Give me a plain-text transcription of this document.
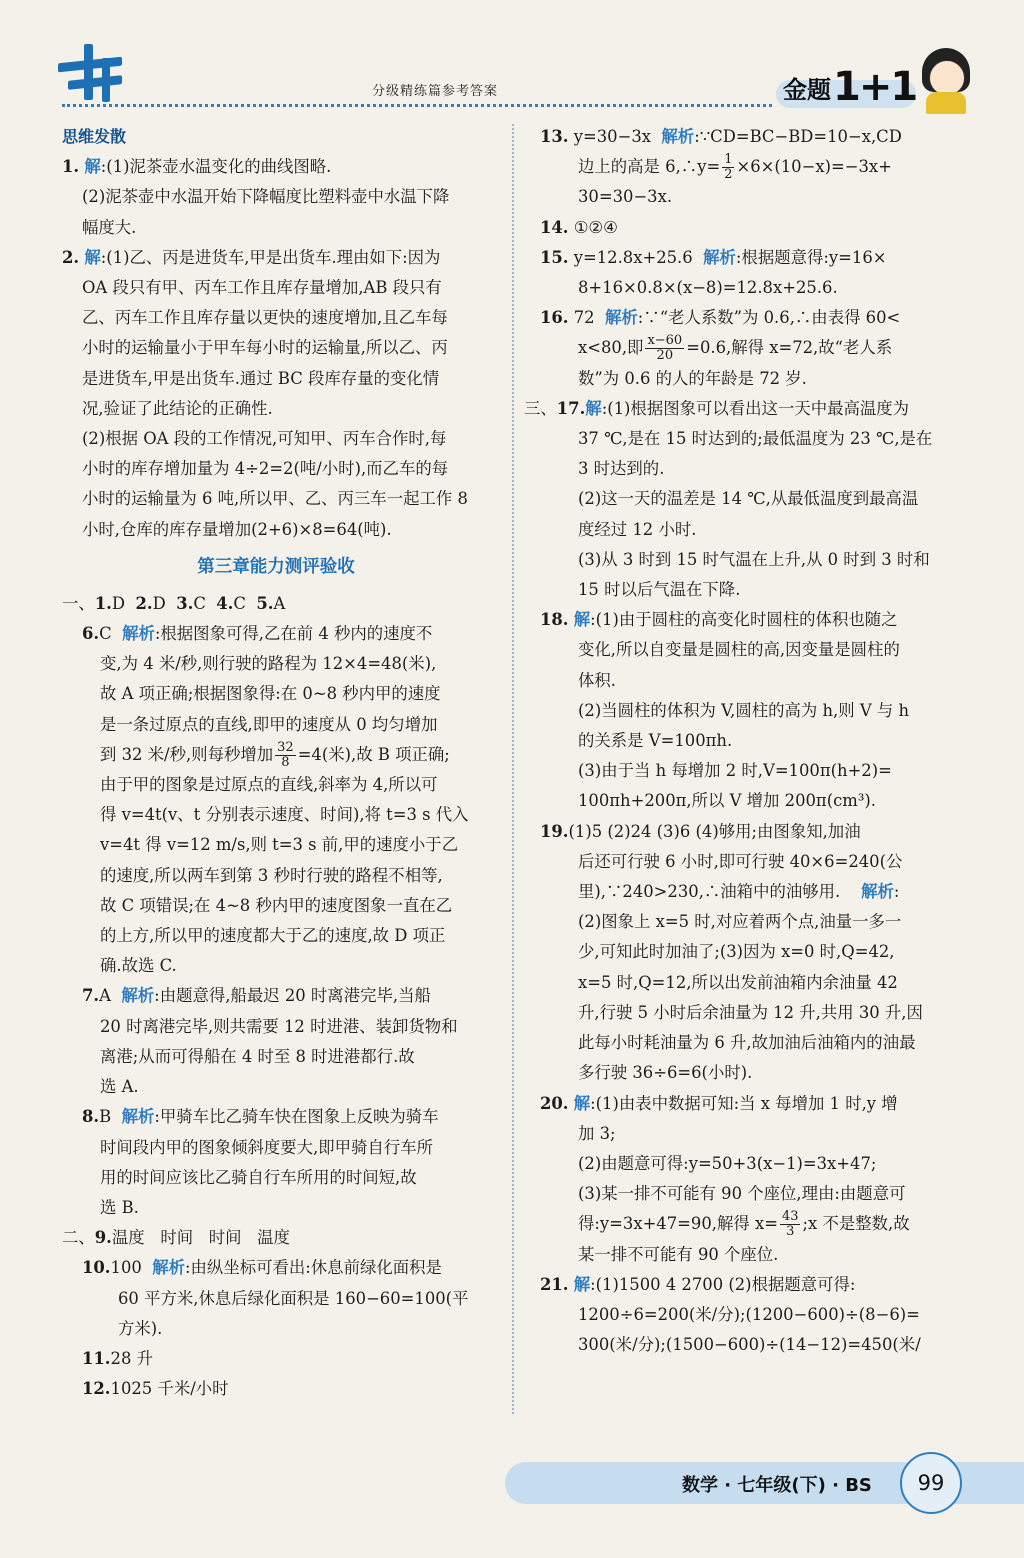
分级精练篇参考答案	金题 1+1
思维发散
1. 解:(1)泥茶壶水温变化的曲线图略.
(2)泥茶壶中水温开始下降幅度比塑料壶中水温下降
幅度大.
2. 解:(1)乙、丙是进货车,甲是出货车.理由如下:因为
OA 段只有甲、丙车工作且库存量增加,AB 段只有
乙、丙车工作且库存量以更快的速度增加,且乙车每
小时的运输量小于甲车每小时的运输量,所以乙、丙
是进货车,甲是出货车.通过 BC 段库存量的变化情
况,验证了此结论的正确性.
(2)根据 OA 段的工作情况,可知甲、丙车合作时,每
小时的库存增加量为 4÷2=2(吨/小时),而乙车的每
小时的运输量为 6 吨,所以甲、乙、丙三车一起工作 8
小时,仓库的库存量增加(2+6)×8=64(吨).
第三章能力测评验收
一、1.D 2.D 3.C 4.C 5.A
6.C 解析:根据图象可得,乙在前 4 秒内的速度不
变,为 4 米/秒,则行驶的路程为 12×4=48(米),
故 A 项正确;根据图象得:在 0~8 秒内甲的速度
是一条过原点的直线,即甲的速度从 0 均匀增加
到 32 米/秒,则每秒增加 $\frac{32}{8} =4$(米),故 B 项正确;
由于甲的图象是过原点的直线,斜率为 4,所以可
得 v=4t(v、t 分别表示速度、时间),将 t=3 s 代入
v=4t 得 v=12 m/s,则 t=3 s 前,甲的速度小于乙
的速度,所以两车到第 3 秒时行驶的路程不相等,
故 C 项错误;在 4~8 秒内甲的速度图象一直在乙
的上方,所以甲的速度都大于乙的速度,故 D 项正
确.故选 C.
7.A 解析:由题意得,船最迟 20 时离港完毕,当船
20 时离港完毕,则共需要 12 时进港、装卸货物和
离港;从而可得船在 4 时至 8 时进港都行.故
选 A.
8.B 解析:甲骑车比乙骑车快在图象上反映为骑车
时间段内甲的图象倾斜度要大,即甲骑自行车所
用的时间应该比乙骑自行车所用的时间短,故
选 B.
二、9.温度 时间 时间 温度
10.100 解析:由纵坐标可看出:休息前绿化面积是
60 平方米,休息后绿化面积是 160−60=100(平
方米).
11.28 升
12.1025 千米/小时
13. y=30−3x 解析:∵CD=BC−BD=10−x,CD
边上的高是 6,∴y= $\frac{1}{2} \times 6\times(10-x)=-3x+$
30=30−3x.
14. ①②④
15. y=12.8x+25.6 解析:根据题意得:y=16×
8+16×0.8×(x−8)=12.8x+25.6.
16. 72 解析:∵“老人系数”为 0.6,∴由表得 60<
x<80,即 $\frac{x-60}{20} =0.6$,解得 x=72,故“老人系
数”为 0.6 的人的年龄是 72 岁.
三、17.解:(1)根据图象可以看出这一天中最高温度为
37 ℃,是在 15 时达到的;最低温度为 23 ℃,是在
3 时达到的.
(2)这一天的温差是 14 ℃,从最低温度到最高温
度经过 12 小时.
(3)从 3 时到 15 时气温在上升,从 0 时到 3 时和
15 时以后气温在下降.
18. 解:(1)由于圆柱的高变化时圆柱的体积也随之
变化,所以自变量是圆柱的高,因变量是圆柱的
体积.
(2)当圆柱的体积为 V,圆柱的高为 h,则 V 与 h
的关系是 V=100πh.
(3)由于当 h 每增加 2 时,V=100π(h+2)=
100πh+200π,所以 V 增加 200π(cm³).
19.(1)5 (2)24 (3)6 (4)够用;由图象知,加油
后还可行驶 6 小时,即可行驶 40×6=240(公
里),∵240>230,∴油箱中的油够用. 解析:
(2)图象上 x=5 时,对应着两个点,油量一多一
少,可知此时加油了;(3)因为 x=0 时,Q=42,
x=5 时,Q=12,所以出发前油箱内余油量 42
升,行驶 5 小时后余油量为 12 升,共用 30 升,因
此每小时耗油量为 6 升,故加油后油箱内的油最
多行驶 36÷6=6(小时).
20. 解:(1)由表中数据可知:当 x 每增加 1 时,y 增
加 3;
(2)由题意可得:y=50+3(x−1)=3x+47;
(3)某一排不可能有 90 个座位,理由:由题意可
得:y=3x+47=90,解得 $x= \frac{43}{3}$ ;x 不是整数,故
某一排不可能有 90 个座位.
21. 解:(1)1500 4 2700 (2)根据题意可得:
1200÷6=200(米/分);(1200−600)÷(8−6)=
300(米/分);(1500−600)÷(14−12)=450(米/
数学 · 七年级(下) · BS	99
